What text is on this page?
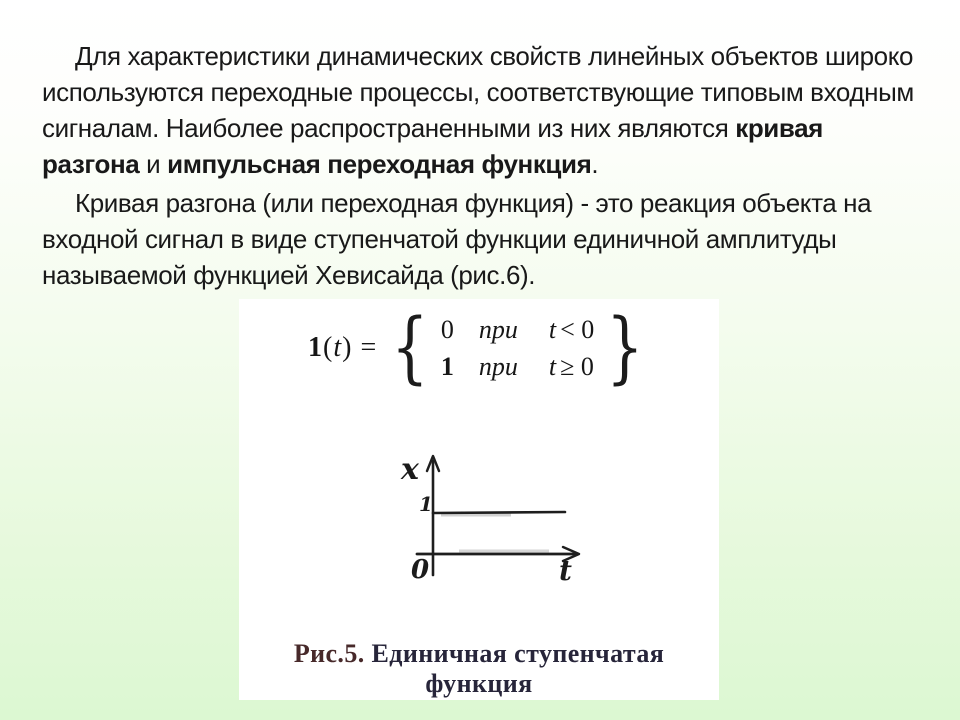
Для характеристики динамических свойств линейных объектов широко используются переходные процессы, соответствующие типовым входным сигналам. Наиболее распространенными из них являются кривая разгона и импульсная переходная функция.

Кривая разгона (или переходная функция) - это реакция объекта на входной сигнал в виде ступенчатой функции единичной амплитуды называемой функцией Хевисайда (рис.6).

1(t) = { 0 при	t < 0
1 при	t ≥ 0 }
x
1
0	t
Рис.5. Единичная ступенчатая функция
